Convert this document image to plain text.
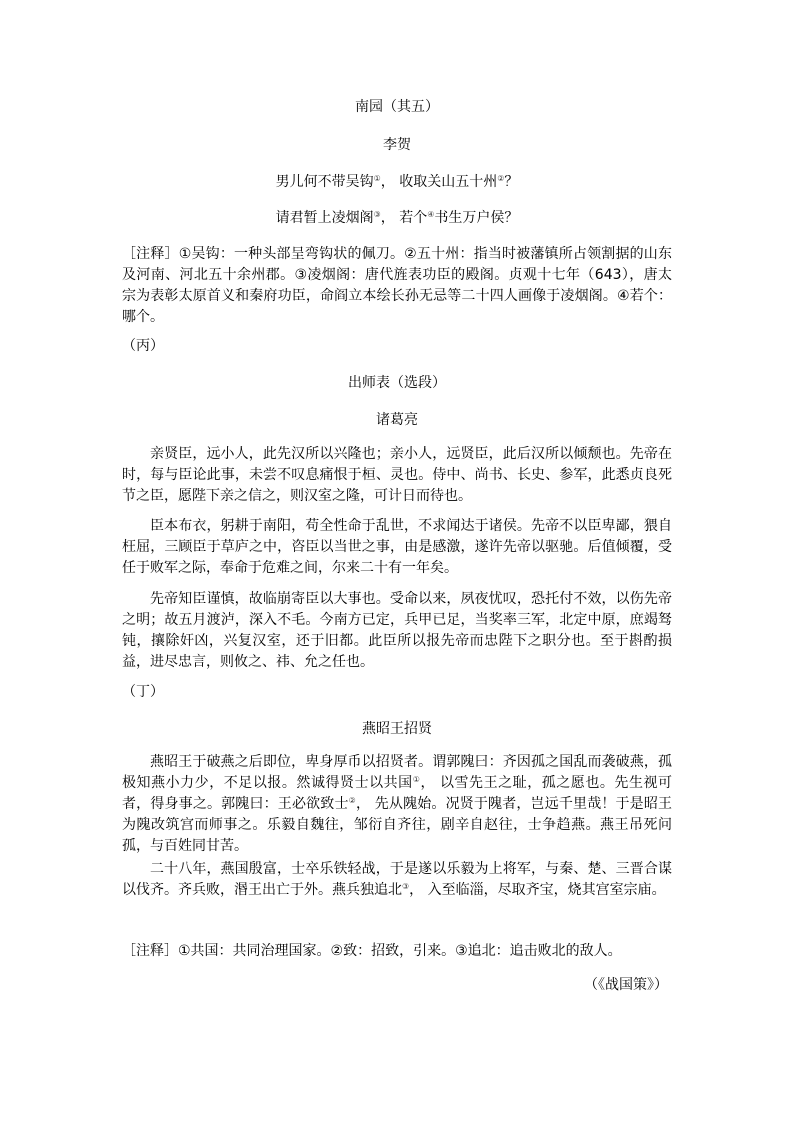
南园（其五）
李贺
男儿何不带吴钩①， 收取关山五十州②？
请君暂上凌烟阁③， 若个④书生万户侯？
［注释］①吴钩：一种头部呈弯钩状的佩刀。②五十州：指当时被藩镇所占领割据的山东及河南、河北五十余州郡。③凌烟阁：唐代旌表功臣的殿阁。贞观十七年（643），唐太宗为表彰太原首义和秦府功臣，命阎立本绘长孙无忌等二十四人画像于凌烟阁。④若个：哪个。
（丙）
出师表（选段）
诸葛亮
亲贤臣，远小人，此先汉所以兴隆也；亲小人，远贤臣，此后汉所以倾颓也。先帝在时，每与臣论此事，未尝不叹息痛恨于桓、灵也。侍中、尚书、长史、参军，此悉贞良死节之臣，愿陛下亲之信之，则汉室之隆，可计日而待也。
臣本布衣，躬耕于南阳，苟全性命于乱世，不求闻达于诸侯。先帝不以臣卑鄙，猥自枉屈，三顾臣于草庐之中，咨臣以当世之事，由是感激，遂许先帝以驱驰。后值倾覆，受任于败军之际，奉命于危难之间，尔来二十有一年矣。
先帝知臣谨慎，故临崩寄臣以大事也。受命以来，夙夜忧叹，恐托付不效，以伤先帝之明；故五月渡泸，深入不毛。今南方已定，兵甲已足，当奖率三军，北定中原，庶竭驽钝，攘除奸凶，兴复汉室，还于旧都。此臣所以报先帝而忠陛下之职分也。至于斟酌损益，进尽忠言，则攸之、祎、允之任也。
（丁）
燕昭王招贤
燕昭王于破燕之后即位，卑身厚币以招贤者。谓郭隗曰：齐因孤之国乱而袭破燕，孤极知燕小力少，不足以报。然诚得贤士以共国①， 以雪先王之耻，孤之愿也。先生视可者，得身事之。郭隗曰：王必欲致士②， 先从隗始。况贤于隗者，岂远千里哉！于是昭王为隗改筑宫而师事之。乐毅自魏往，邹衍自齐往，剧辛自赵往，士争趋燕。燕王吊死问孤，与百姓同甘苦。
二十八年，燕国殷富，士卒乐铁轻战，于是遂以乐毅为上将军，与秦、楚、三晋合谋以伐齐。齐兵败，湣王出亡于外。燕兵独追北③， 入至临淄，尽取齐宝，烧其宫室宗庙。
［注释］①共国：共同治理国家。②致：招致，引来。③追北：追击败北的敌人。
（《战国策》）
